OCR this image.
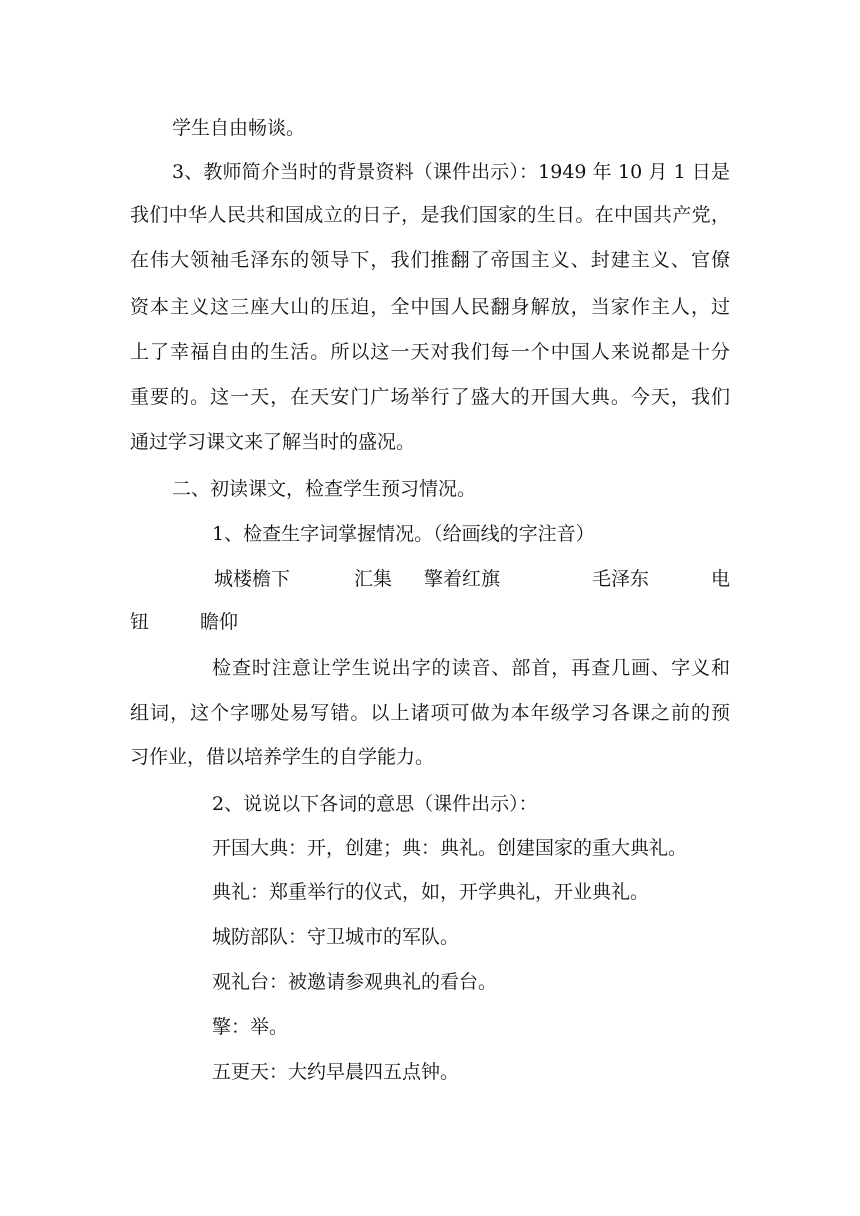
学生自由畅谈。
3、教师简介当时的背景资料（课件出示）：1949 年 10 月 1 日是
我们中华人民共和国成立的日子，是我们国家的生日。在中国共产党，
在伟大领袖毛泽东的领导下，我们推翻了帝国主义、封建主义、官僚
资本主义这三座大山的压迫，全中国人民翻身解放，当家作主人，过
上了幸福自由的生活。所以这一天对我们每一个中国人来说都是十分
重要的。这一天，在天安门广场举行了盛大的开国大典。今天，我们
通过学习课文来了解当时的盛况。
二、初读课文，检查学生预习情况。
1、检查生字词掌握情况。（给画线的字注音）
城楼檐下	汇集 擎着红旗	毛泽东	电
钮	瞻仰
检查时注意让学生说出字的读音、部首，再查几画、字义和
组词，这个字哪处易写错。以上诸项可做为本年级学习各课之前的预
习作业，借以培养学生的自学能力。
2、说说以下各词的意思（课件出示）：
开国大典：开，创建；典：典礼。创建国家的重大典礼。
典礼：郑重举行的仪式，如，开学典礼，开业典礼。
城防部队：守卫城市的军队。
观礼台：被邀请参观典礼的看台。
擎：举。
五更天：大约早晨四五点钟。
